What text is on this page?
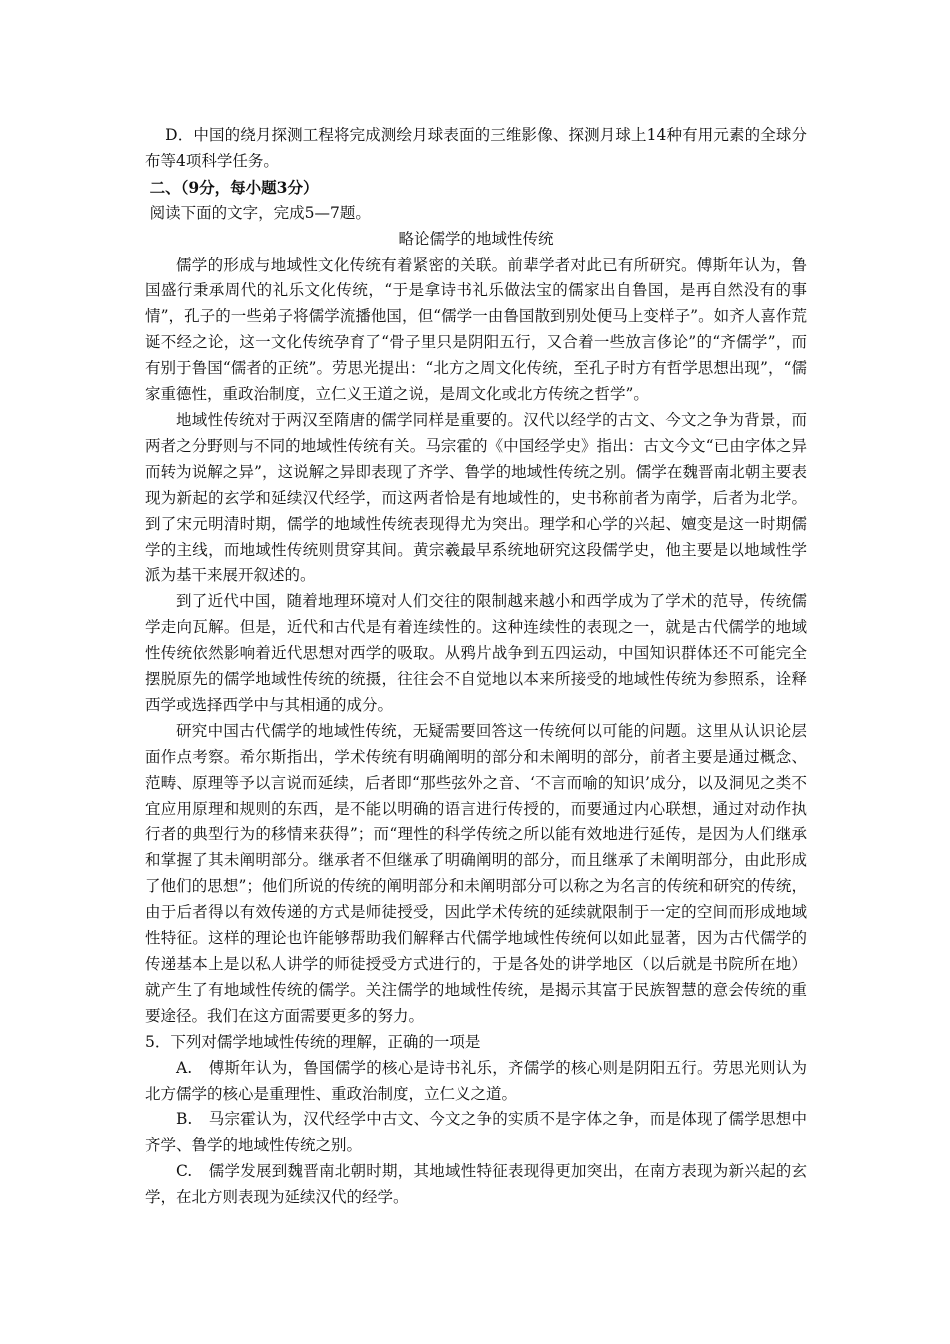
D．中国的绕月探测工程将完成测绘月球表面的三维影像、探测月球上14种有用元素的全球分布等4项科学任务。

二、（9分，每小题3分）

阅读下面的文字，完成5—7题。

略论儒学的地域性传统

儒学的形成与地域性文化传统有着紧密的关联。前辈学者对此已有所研究。傅斯年认为，鲁国盛行秉承周代的礼乐文化传统，“于是拿诗书礼乐做法宝的儒家出自鲁国，是再自然没有的事情”，孔子的一些弟子将儒学流播他国，但“儒学一由鲁国散到别处便马上变样子”。如齐人喜作荒诞不经之论，这一文化传统孕育了“骨子里只是阴阳五行，又合着一些放言侈论”的“齐儒学”，而有别于鲁国“儒者的正统”。劳思光提出：“北方之周文化传统，至孔子时方有哲学思想出现”，“儒家重德性，重政治制度，立仁义王道之说，是周文化或北方传统之哲学”。

地域性传统对于两汉至隋唐的儒学同样是重要的。汉代以经学的古文、今文之争为背景，而两者之分野则与不同的地域性传统有关。马宗霍的《中国经学史》指出：古文今文“已由字体之异而转为说解之异”，这说解之异即表现了齐学、鲁学的地域性传统之别。儒学在魏晋南北朝主要表现为新起的玄学和延续汉代经学，而这两者恰是有地域性的，史书称前者为南学，后者为北学。到了宋元明清时期，儒学的地域性传统表现得尤为突出。理学和心学的兴起、嬗变是这一时期儒学的主线，而地域性传统则贯穿其间。黄宗羲最早系统地研究这段儒学史，他主要是以地域性学派为基干来展开叙述的。

到了近代中国，随着地理环境对人们交往的限制越来越小和西学成为了学术的范导，传统儒学走向瓦解。但是，近代和古代是有着连续性的。这种连续性的表现之一，就是古代儒学的地域性传统依然影响着近代思想对西学的吸取。从鸦片战争到五四运动，中国知识群体还不可能完全摆脱原先的儒学地域性传统的统摄，往往会不自觉地以本来所接受的地域性传统为参照系，诠释西学或选择西学中与其相通的成分。

研究中国古代儒学的地域性传统，无疑需要回答这一传统何以可能的问题。这里从认识论层面作点考察。希尔斯指出，学术传统有明确阐明的部分和未阐明的部分，前者主要是通过概念、范畴、原理等予以言说而延续，后者即“那些弦外之音、‘不言而喻的知识’成分，以及洞见之类不宜应用原理和规则的东西，是不能以明确的语言进行传授的，而要通过内心联想，通过对动作执行者的典型行为的移情来获得”；而“理性的科学传统之所以能有效地进行延传，是因为人们继承和掌握了其未阐明部分。继承者不但继承了明确阐明的部分，而且继承了未阐明部分，由此形成了他们的思想”；他们所说的传统的阐明部分和未阐明部分可以称之为名言的传统和研究的传统，由于后者得以有效传递的方式是师徒授受，因此学术传统的延续就限制于一定的空间而形成地域性特征。这样的理论也许能够帮助我们解释古代儒学地域性传统何以如此显著，因为古代儒学的传递基本上是以私人讲学的师徒授受方式进行的，于是各处的讲学地区（以后就是书院所在地）就产生了有地域性传统的儒学。关注儒学的地域性传统，是揭示其富于民族智慧的意会传统的重要途径。我们在这方面需要更多的努力。

5．下列对儒学地域性传统的理解，正确的一项是

A. 傅斯年认为，鲁国儒学的核心是诗书礼乐，齐儒学的核心则是阴阳五行。劳思光则认为北方儒学的核心是重理性、重政治制度，立仁义之道。

B. 马宗霍认为，汉代经学中古文、今文之争的实质不是字体之争，而是体现了儒学思想中齐学、鲁学的地域性传统之别。

C. 儒学发展到魏晋南北朝时期，其地域性特征表现得更加突出，在南方表现为新兴起的玄学，在北方则表现为延续汉代的经学。
